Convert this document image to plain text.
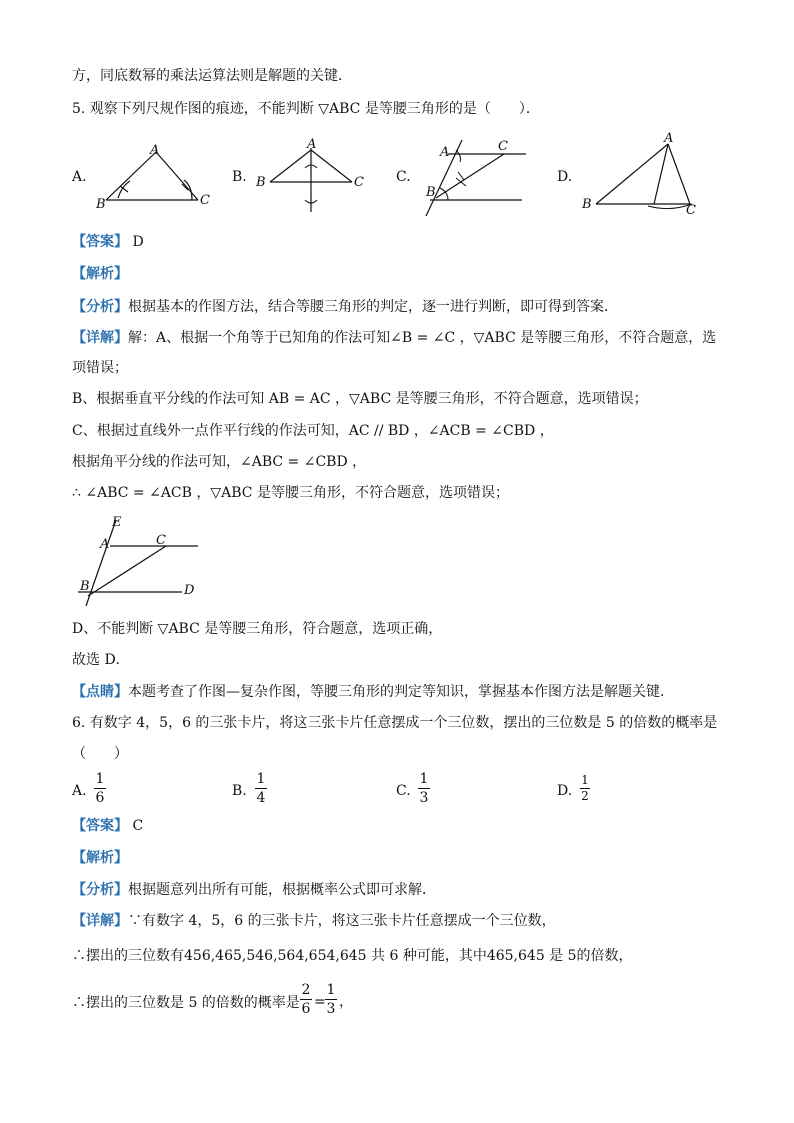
方，同底数幂的乘法运算法则是解题的关键．
5. 观察下列尺规作图的痕迹，不能判断 ▽ABC 是等腰三角形的是（　　）．
A.	B.	C.	D.
A
B	C
A
B	C
A
B
C
A
B	C
【答案】 D
【解析】
【分析】根据基本的作图方法，结合等腰三角形的判定，逐一进行判断，即可得到答案．
【详解】解：A、根据一个角等于已知角的作法可知∠B = ∠C ，▽ABC 是等腰三角形，不符合题意，选
项错误；
B、根据垂直平分线的作法可知 AB = AC ，▽ABC 是等腰三角形，不符合题意，选项错误；
C、根据过直线外一点作平行线的作法可知，AC // BD ，∠ACB = ∠CBD ，
根据角平分线的作法可知，∠ABC = ∠CBD ，
∴ ∠ABC = ∠ACB ，▽ABC 是等腰三角形，不符合题意，选项错误；
E
A	C
B	D
D、不能判断 ▽ABC 是等腰三角形，符合题意，选项正确，
故选 D．
【点睛】本题考查了作图—复杂作图，等腰三角形的判定等知识，掌握基本作图方法是解题关键．
6. 有数字 4，5，6 的三张卡片，将这三张卡片任意摆成一个三位数，摆出的三位数是 5 的倍数的概率是
（　　）
A.
1
6	B.
1
4	C.
1
3	D.
1
2
【答案】 C
【解析】
【分析】根据题意列出所有可能，根据概率公式即可求解．
【详解】∵有数字 4，5，6 的三张卡片，将这三张卡片任意摆成一个三位数，
∴摆出的三位数有456,465,546,564,654,645 共 6 种可能，其中465,645 是 5的倍数，
∴摆出的三位数是 5 的倍数的概率是
2
6 =
1
3 ，
